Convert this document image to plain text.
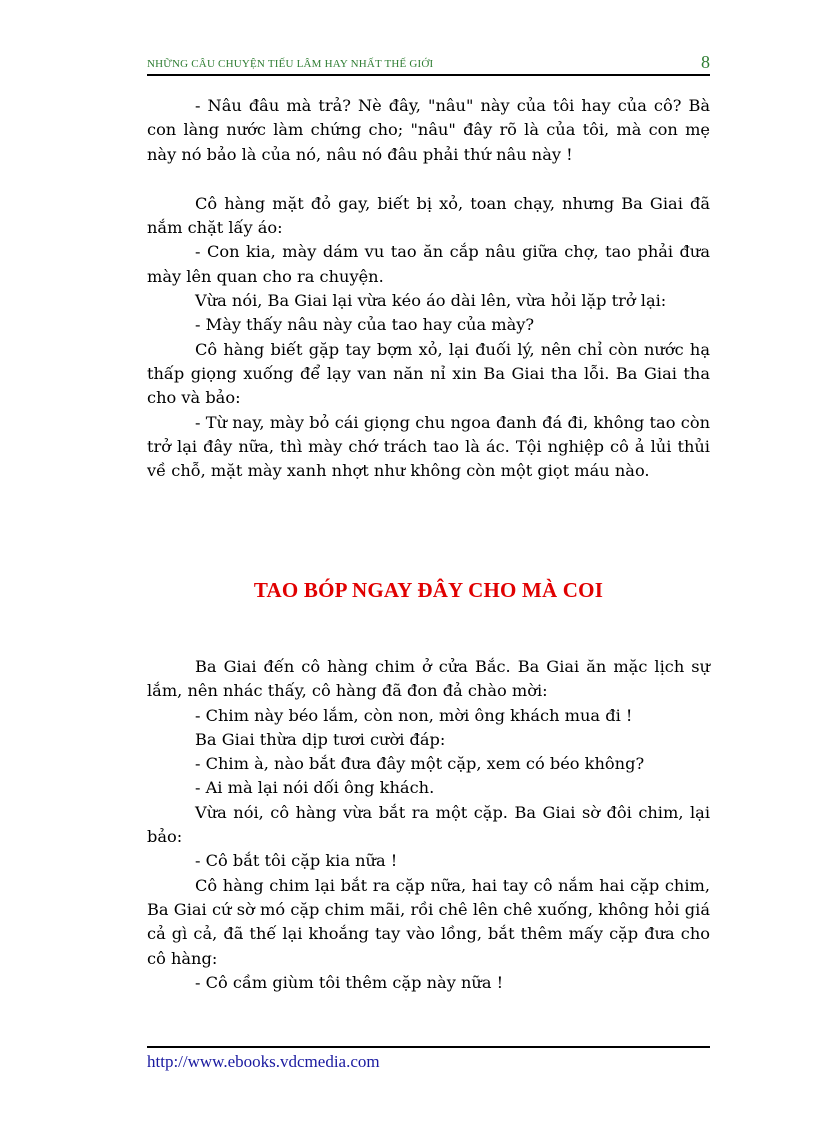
NHỮNG CÂU CHUYỆN TIẾU LÂM HAY NHẤT THẾ GIỚI	8

- Nâu đâu mà trả? Nè đây, "nâu" này của tôi hay của cô? Bà con làng nước làm chứng cho; "nâu" đây rõ là của tôi, mà con mẹ này nó bảo là của nó, nâu nó đâu phải thứ nâu này !

Cô hàng mặt đỏ gay, biết bị xỏ, toan chạy, nhưng Ba Giai đã nắm chặt lấy áo:

- Con kia, mày dám vu tao ăn cắp nâu giữa chợ, tao phải đưa mày lên quan cho ra chuyện.

Vừa nói, Ba Giai lại vừa kéo áo dài lên, vừa hỏi lặp trở lại:

- Mày thấy nâu này của tao hay của mày?

Cô hàng biết gặp tay bợm xỏ, lại đuối lý, nên chỉ còn nước hạ thấp giọng xuống để lạy van năn nỉ xin Ba Giai tha lỗi. Ba Giai tha cho và bảo:

- Từ nay, mày bỏ cái giọng chu ngoa đanh đá đi, không tao còn trở lại đây nữa, thì mày chớ trách tao là ác. Tội nghiệp cô ả lủi thủi về chỗ, mặt mày xanh nhợt như không còn một giọt máu nào.

TAO BÓP NGAY ĐÂY CHO MÀ COI

Ba Giai đến cô hàng chim ở cửa Bắc. Ba Giai ăn mặc lịch sự lắm, nên nhác thấy, cô hàng đã đon đả chào mời:

- Chim này béo lắm, còn non, mời ông khách mua đi !

Ba Giai thừa dịp tươi cười đáp:

- Chim à, nào bắt đưa đây một cặp, xem có béo không?

- Ai mà lại nói dối ông khách.

Vừa nói, cô hàng vừa bắt ra một cặp. Ba Giai sờ đôi chim, lại bảo:

- Cô bắt tôi cặp kia nữa !

Cô hàng chim lại bắt ra cặp nữa, hai tay cô nắm hai cặp chim, Ba Giai cứ sờ mó cặp chim mãi, rồi chê lên chê xuống, không hỏi giá cả gì cả, đã thế lại khoắng tay vào lồng, bắt thêm mấy cặp đưa cho cô hàng:

- Cô cầm giùm tôi thêm cặp này nữa !

http://www.ebooks.vdcmedia.com
